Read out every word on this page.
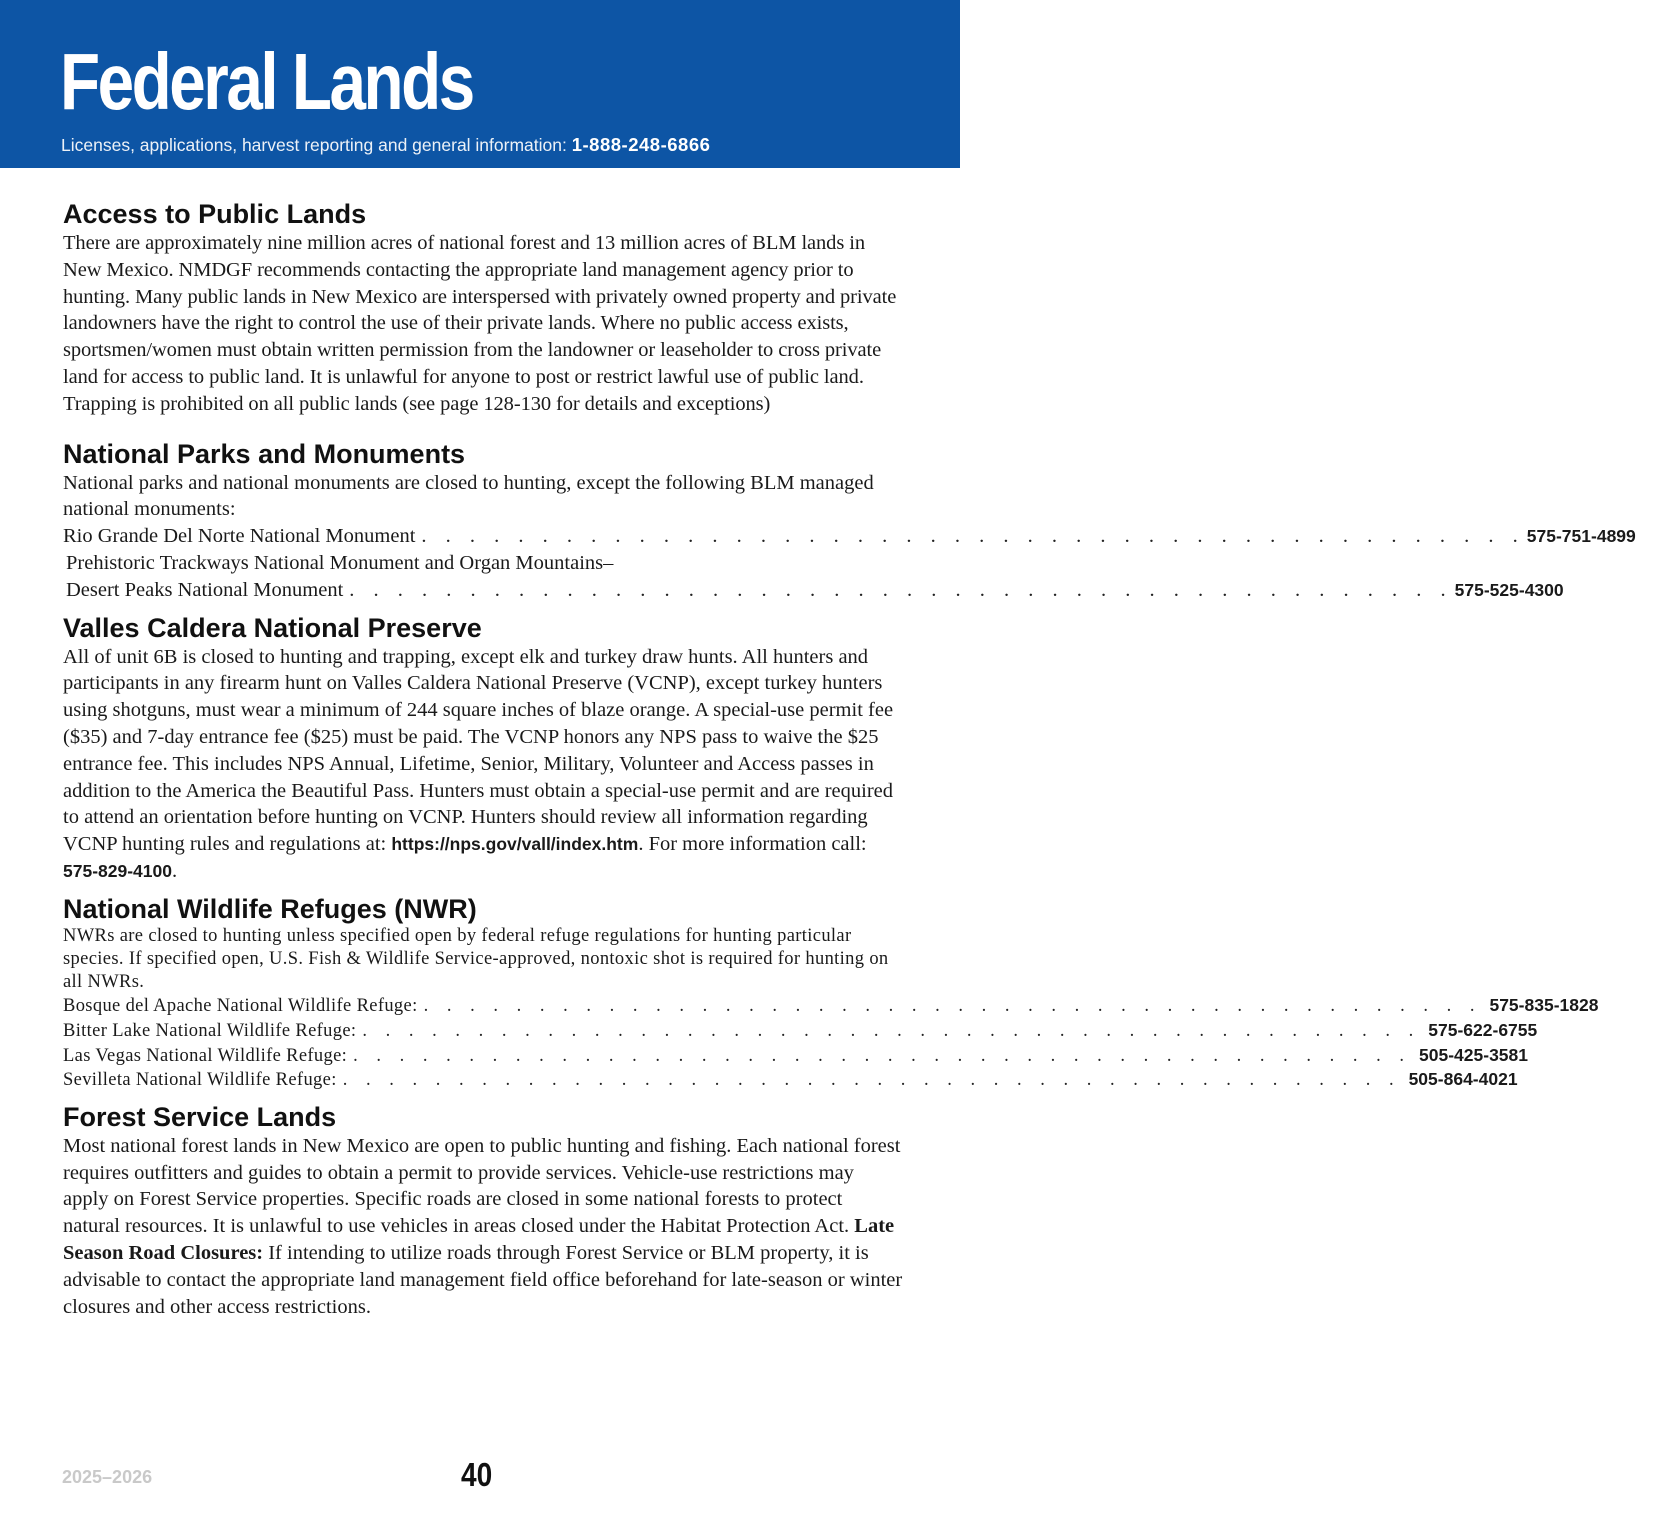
Federal Lands
Licenses, applications, harvest reporting and general information: 1-888-248-6866
Access to Public Lands

There are approximately nine million acres of national forest and 13 million acres of BLM lands in New Mexico. NMDGF recommends contacting the appropriate land management agency prior to hunting. Many public lands in New Mexico are interspersed with privately owned property and private landowners have the right to control the use of their private lands. Where no public access exists, sportsmen/women must obtain written permission from the landowner or leaseholder to cross private land for access to public land. It is unlawful for anyone to post or restrict lawful use of public land. Trapping is prohibited on all public lands (see page 128-130 for details and exceptions)

National Parks and Monuments

National parks and national monuments are closed to hunting, except the following BLM managed national monuments:

Rio Grande Del Norte National Monument . . . . . . . . . . . . . . . . . . . . . . . . . . . . . . . . . . . . . . . . . . . . . . 575-751-4899
Prehistoric Trackways National Monument and Organ Mountains–
Desert Peaks National Monument . . . . . . . . . . . . . . . . . . . . . . . . . . . . . . . . . . . . . . . . . . . . . . 575-525-4300
Valles Caldera National Preserve

All of unit 6B is closed to hunting and trapping, except elk and turkey draw hunts. All hunters and participants in any firearm hunt on Valles Caldera National Preserve (VCNP), except turkey hunters using shotguns, must wear a minimum of 244 square inches of blaze orange. A special-use permit fee ($35) and 7-day entrance fee ($25) must be paid. The VCNP honors any NPS pass to waive the $25 entrance fee. This includes NPS Annual, Lifetime, Senior, Military, Volunteer and Access passes in addition to the America the Beautiful Pass. Hunters must obtain a special-use permit and are required to attend an orientation before hunting on VCNP. Hunters should review all information regarding VCNP hunting rules and regulations at: https://nps.gov/vall/index.htm. For more information call: 575-829-4100.

National Wildlife Refuges (NWR)

NWRs are closed to hunting unless specified open by federal refuge regulations for hunting particular species. If specified open, U.S. Fish & Wildlife Service-approved, nontoxic shot is required for hunting on all NWRs.

Bosque del Apache National Wildlife Refuge: . . . . . . . . . . . . . . . . . . . . . . . . . . . . . . . . . . . . . . . . . . . . . . 575-835-1828
Bitter Lake National Wildlife Refuge: . . . . . . . . . . . . . . . . . . . . . . . . . . . . . . . . . . . . . . . . . . . . . . 575-622-6755
Las Vegas National Wildlife Refuge: . . . . . . . . . . . . . . . . . . . . . . . . . . . . . . . . . . . . . . . . . . . . . . 505-425-3581
Sevilleta National Wildlife Refuge: . . . . . . . . . . . . . . . . . . . . . . . . . . . . . . . . . . . . . . . . . . . . . . 505-864-4021
Forest Service Lands

Most national forest lands in New Mexico are open to public hunting and fishing. Each national forest requires outfitters and guides to obtain a permit to provide services. Vehicle-use restrictions may apply on Forest Service properties. Specific roads are closed in some national forests to protect natural resources. It is unlawful to use vehicles in areas closed under the Habitat Protection Act. Late Season Road Closures: If intending to utilize roads through Forest Service or BLM property, it is advisable to contact the appropriate land management field office beforehand for late-season or winter closures and other access restrictions.

2025–2026	40
